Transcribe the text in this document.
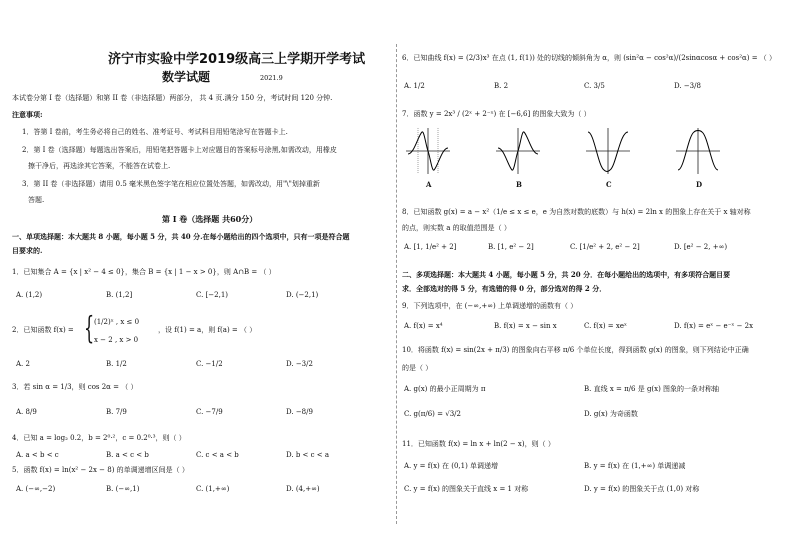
济宁市实验中学2019级高三上学期开学考试
数学试题	2021.9
本试卷分第 I 卷（选择题）和第 II 卷（非选择题）两部分， 共 4 页.满分 150 分，考试时间 120 分钟.
注意事项:
1．答第 I 卷前，考生务必将自己的姓名、准考证号、考试科目用铅笔涂写在答题卡上.
2．第 I 卷（选择题）每题选出答案后，用铅笔把答题卡上对应题目的答案标号涂黑,如需改动，用橡皮
擦干净后，再选涂其它答案，不能答在试卷上.
3．第 II 卷（非选择题）请用 0.5 毫米黑色签字笔在相应位置处答题，如需改动，用"\"划掉重新
答题.
第 I 卷（选择题 共60分）
一、单项选择题：本大题共 8 小题，每小题 5 分，共 40 分.在每小题给出的四个选项中，只有一项是符合题
目要求的.
1．已知集合 A = {x | x² − 4 ≤ 0}，集合 B = {x | 1 − x > 0}，则 A∩B = （ ）
A. (1,2)	B. (1,2]	C. [−2,1)	D. (−2,1)
2．已知函数 f(x) = { (1/2)ˣ , x ≤ 0
x − 2 , x > 0
，设 f(1) = a，则 f(a) = （ ）
A. 2	B. 1/2	C. −1/2	D. −3/2
3．若 sin α = 1/3，则 cos 2α = （ ）
A. 8/9	B. 7/9	C. −7/9	D. −8/9
4．已知 a = log₂ 0.2，b = 2⁰·²，c = 0.2⁰·³，则（ ）
A. a < b < c	B. a < c < b	C. c < a < b	D. b < c < a
5．函数 f(x) = ln(x² − 2x − 8) 的单调递增区间是（ ）
A. (−∞,−2)	B. (−∞,1)	C. (1,+∞)	D. (4,+∞)
6．已知曲线 f(x) = (2/3)x³ 在点 (1, f(1)) 处的切线的倾斜角为 α，则 (sin²α − cos²α)/(2sinαcosα + cos²α) = （ ）
A. 1/2	B. 2	C. 3/5	D. −3/8
7．函数 y = 2x³ / (2ˣ + 2⁻ˣ) 在 [−6,6] 的图象大致为（ ）
A	B	C	D
8．已知函数 g(x) = a − x²（1/e ≤ x ≤ e，e 为自然对数的底数）与 h(x) = 2ln x 的图象上存在关于 x 轴对称
的点，则实数 a 的取值范围是（ ）
A. [1, 1/e² + 2]	B. [1, e² − 2]	C. [1/e² + 2, e² − 2]	D. [e² − 2, +∞)
二、多项选择题：本大题共 4 小题，每小题 5 分，共 20 分．在每小题给出的选项中，有多项符合题目要
求．全部选对的得 5 分，有选错的得 0 分，部分选对的得 2 分．
9．下列选项中，在 (−∞,+∞) 上单调递增的函数有（ ）
A. f(x) = x⁴	B. f(x) = x − sin x	C. f(x) = xeˣ	D. f(x) = eˣ − e⁻ˣ − 2x
10．将函数 f(x) = sin(2x + π/3) 的图象向右平移 π/6 个单位长度，得到函数 g(x) 的图象，则下列结论中正确
的是（ ）
A. g(x) 的最小正周期为 π	B. 直线 x = π/6 是 g(x) 图象的一条对称轴
C. g(π/6) = √3/2	D. g(x) 为奇函数
11．已知函数 f(x) = ln x + ln(2 − x)，则（ ）
A. y = f(x) 在 (0,1) 单调递增	B. y = f(x) 在 (1,+∞) 单调递减
C. y = f(x) 的图象关于直线 x = 1 对称	D. y = f(x) 的图象关于点 (1,0) 对称
